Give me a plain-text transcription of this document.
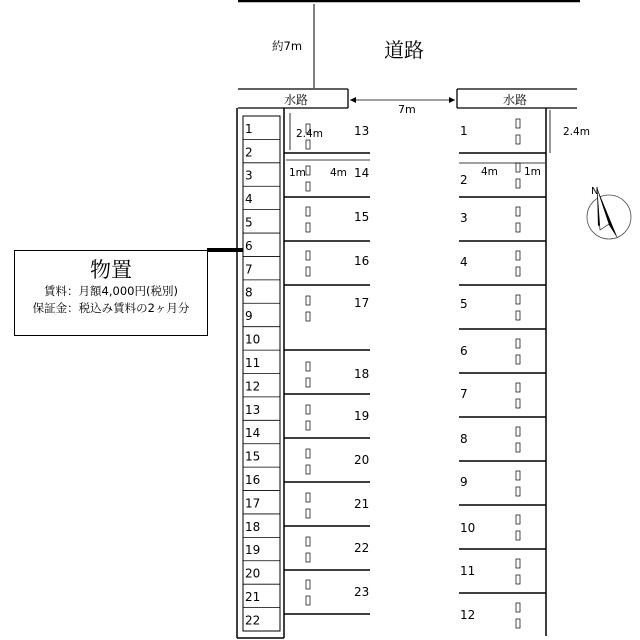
約7m	道路
水路	水路
7m
1
2
3
4
5
6
7
8
9
10
11
12
13
14
15
16
17
18
19
20
21
22
13
14
15
16
17
18
19
20
21
22
23
1
2
3
4
5
6
7
8
9
10
11
12
2.4m
1m 4m
2.4m
4m 1m
N
物置
賃料：月額4,000円(税別)
保証金：税込み賃料の2ヶ月分
